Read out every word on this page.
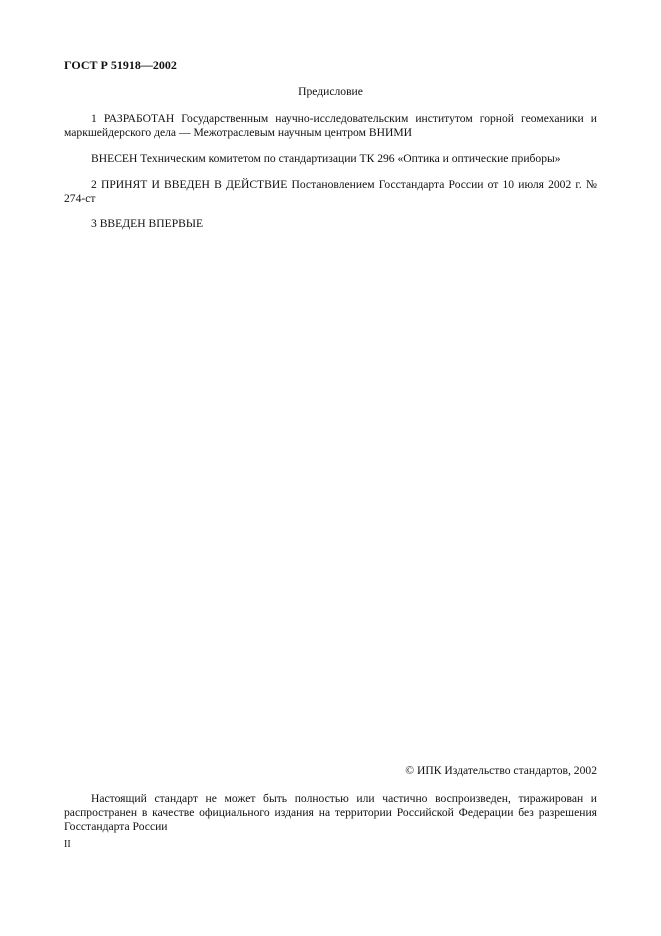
ГОСТ Р 51918—2002
Предисловие
1 РАЗРАБОТАН Государственным научно-исследовательским институтом горной геомеханики и маркшейдерского дела — Межотраслевым научным центром ВНИМИ
ВНЕСЕН Техническим комитетом по стандартизации ТК 296 «Оптика и оптические приборы»
2 ПРИНЯТ И ВВЕДЕН В ДЕЙСТВИЕ Постановлением Госстандарта России от 10 июля 2002 г. № 274-ст
3 ВВЕДЕН ВПЕРВЫЕ
© ИПК Издательство стандартов, 2002
Настоящий стандарт не может быть полностью или частично воспроизведен, тиражирован и распространен в качестве официального издания на территории Российской Федерации без разрешения Госстандарта России
II
